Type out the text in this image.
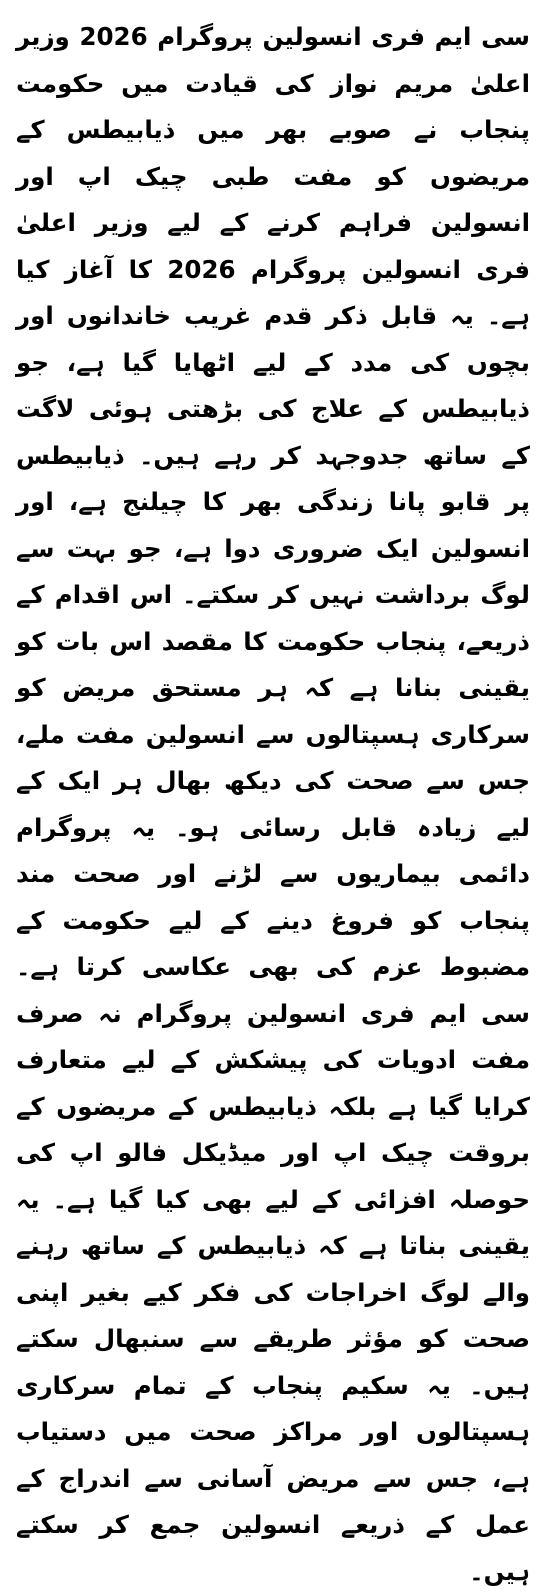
سی ایم فری انسولین پروگرام 2026 وزیر اعلیٰ مریم نواز کی قیادت میں حکومت پنجاب نے صوبے بھر میں ذیابیطس کے مریضوں کو مفت طبی چیک اپ اور انسولین فراہم کرنے کے لیے وزیر اعلیٰ فری انسولین پروگرام 2026 کا آغاز کیا ہے۔ یہ قابل ذکر قدم غریب خاندانوں اور بچوں کی مدد کے لیے اٹھایا گیا ہے، جو ذیابیطس کے علاج کی بڑھتی ہوئی لاگت کے ساتھ جدوجہد کر رہے ہیں۔ ذیابیطس پر قابو پانا زندگی بھر کا چیلنج ہے، اور انسولین ایک ضروری دوا ہے، جو بہت سے لوگ برداشت نہیں کر سکتے۔ اس اقدام کے ذریعے، پنجاب حکومت کا مقصد اس بات کو یقینی بنانا ہے کہ ہر مستحق مریض کو سرکاری ہسپتالوں سے انسولین مفت ملے، جس سے صحت کی دیکھ بھال ہر ایک کے لیے زیادہ قابل رسائی ہو۔ یہ پروگرام دائمی بیماریوں سے لڑنے اور صحت مند پنجاب کو فروغ دینے کے لیے حکومت کے مضبوط عزم کی بھی عکاسی کرتا ہے۔ سی ایم فری انسولین پروگرام نہ صرف مفت ادویات کی پیشکش کے لیے متعارف کرایا گیا ہے بلکہ ذیابیطس کے مریضوں کے بروقت چیک اپ اور میڈیکل فالو اپ کی حوصلہ افزائی کے لیے بھی کیا گیا ہے۔ یہ یقینی بناتا ہے کہ ذیابیطس کے ساتھ رہنے والے لوگ اخراجات کی فکر کیے بغیر اپنی صحت کو مؤثر طریقے سے سنبھال سکتے ہیں۔ یہ سکیم پنجاب کے تمام سرکاری ہسپتالوں اور مراکز صحت میں دستیاب ہے، جس سے مریض آسانی سے اندراج کے عمل کے ذریعے انسولین جمع کر سکتے ہیں۔
